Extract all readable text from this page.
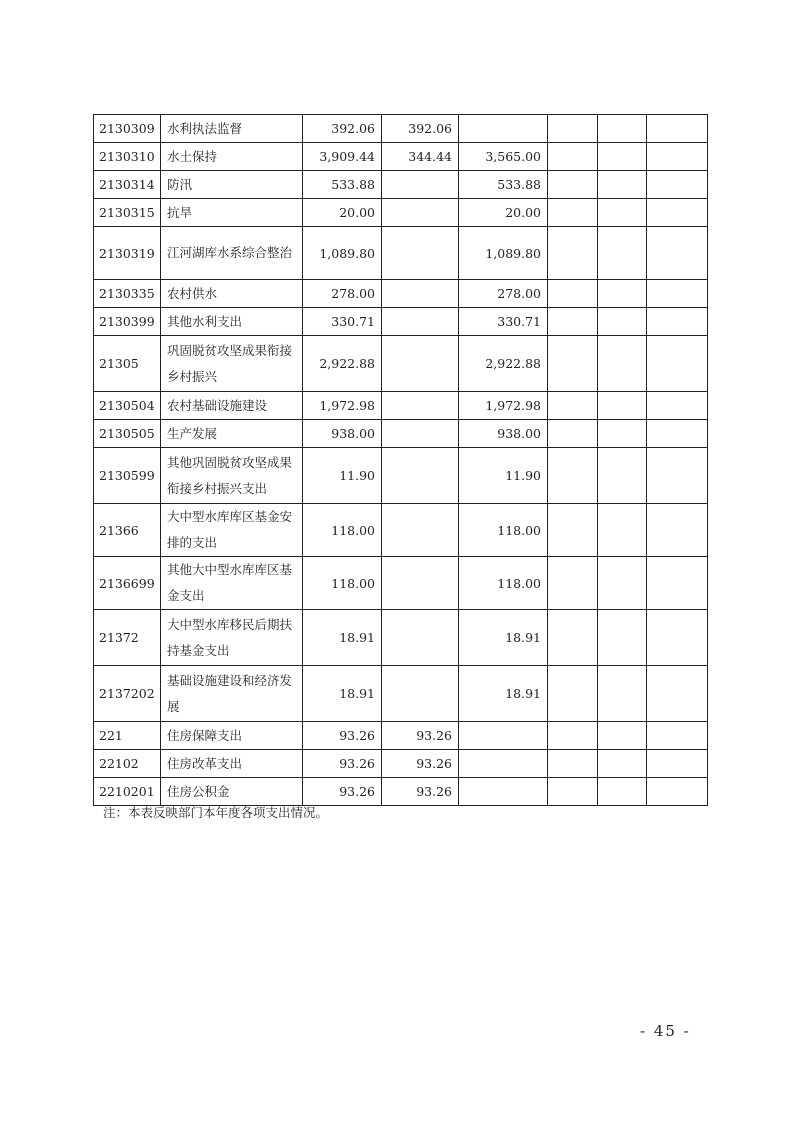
2130309	水利执法监督	392.06	392.06				
2130310	水土保持	3,909.44	344.44	3,565.00			
2130314	防汛	533.88		533.88			
2130315	抗旱	20.00		20.00			
2130319	江河湖库水系综合整治	1,089.80		1,089.80			
2130335	农村供水	278.00		278.00			
2130399	其他水利支出	330.71		330.71			
21305	巩固脱贫攻坚成果衔接乡村振兴	2,922.88		2,922.88			
2130504	农村基础设施建设	1,972.98		1,972.98			
2130505	生产发展	938.00		938.00			
2130599	其他巩固脱贫攻坚成果衔接乡村振兴支出	11.90		11.90			
21366	大中型水库库区基金安排的支出	118.00		118.00			
2136699	其他大中型水库库区基金支出	118.00		118.00			
21372	大中型水库移民后期扶持基金支出	18.91		18.91			
2137202	基础设施建设和经济发展	18.91		18.91			
221	住房保障支出	93.26	93.26				
22102	住房改革支出	93.26	93.26				
2210201	住房公积金	93.26	93.26				
注：本表反映部门本年度各项支出情况。
- 45 -
